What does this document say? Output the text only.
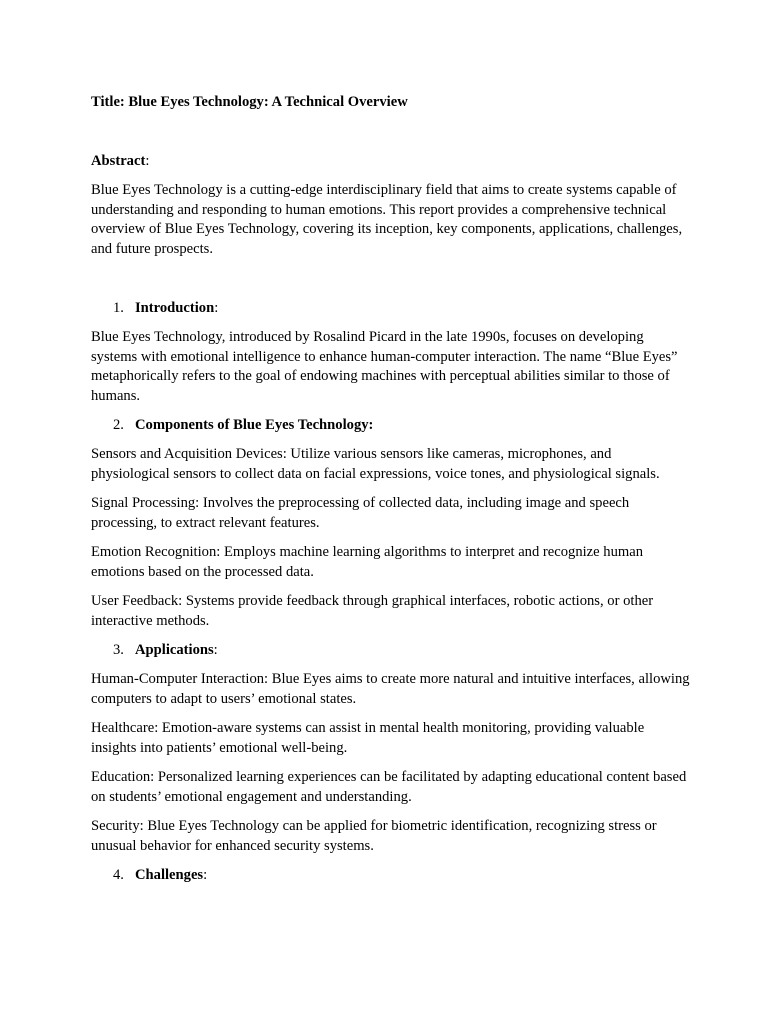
Title: Blue Eyes Technology: A Technical Overview
Abstract:

Blue Eyes Technology is a cutting-edge interdisciplinary field that aims to create systems capable of understanding and responding to human emotions. This report provides a comprehensive technical overview of Blue Eyes Technology, covering its inception, key components, applications, challenges, and future prospects.

1. Introduction:

Blue Eyes Technology, introduced by Rosalind Picard in the late 1990s, focuses on developing systems with emotional intelligence to enhance human-computer interaction. The name “Blue Eyes” metaphorically refers to the goal of endowing machines with perceptual abilities similar to those of humans.

2. Components of Blue Eyes Technology:

Sensors and Acquisition Devices: Utilize various sensors like cameras, microphones, and physiological sensors to collect data on facial expressions, voice tones, and physiological signals.

Signal Processing: Involves the preprocessing of collected data, including image and speech processing, to extract relevant features.

Emotion Recognition: Employs machine learning algorithms to interpret and recognize human emotions based on the processed data.

User Feedback: Systems provide feedback through graphical interfaces, robotic actions, or other interactive methods.

3. Applications:

Human-Computer Interaction: Blue Eyes aims to create more natural and intuitive interfaces, allowing computers to adapt to users’ emotional states.

Healthcare: Emotion-aware systems can assist in mental health monitoring, providing valuable insights into patients’ emotional well-being.

Education: Personalized learning experiences can be facilitated by adapting educational content based on students’ emotional engagement and understanding.

Security: Blue Eyes Technology can be applied for biometric identification, recognizing stress or unusual behavior for enhanced security systems.

4. Challenges:
